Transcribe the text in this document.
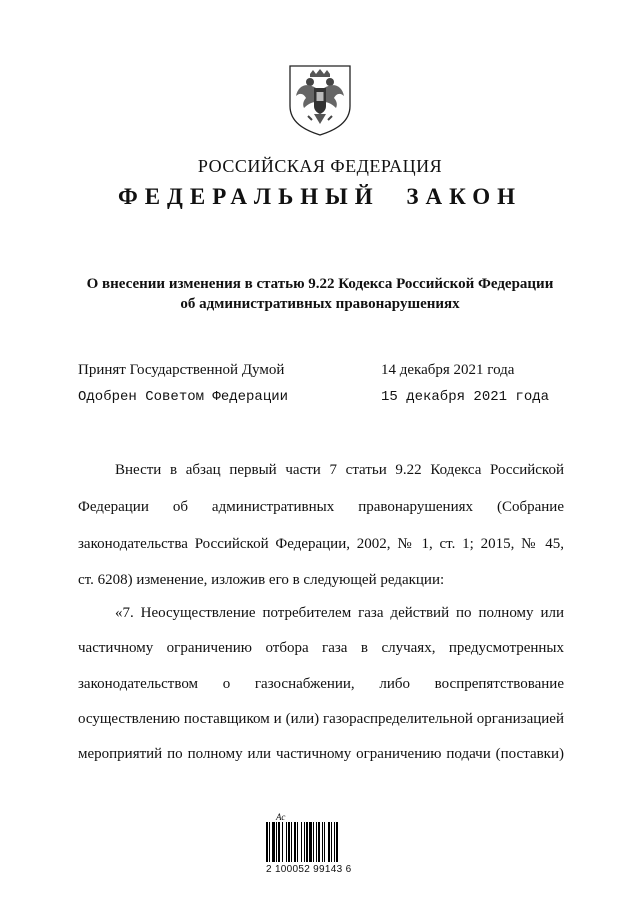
РОССИЙСКАЯ ФЕДЕРАЦИЯ
ФЕДЕРАЛЬНЫЙ ЗАКОН
О внесении изменения в статью 9.22 Кодекса Российской Федерации
об административных правонарушениях
Принят Государственной Думой	14 декабря 2021 года
Одобрен Советом Федерации	15 декабря 2021 года
Внести в абзац первый части 7 статьи 9.22 Кодекса Российской
Федерации об административных правонарушениях (Собрание
законодательства Российской Федерации, 2002, № 1, ст. 1; 2015, № 45,
ст. 6208) изменение, изложив его в следующей редакции:
«7. Неосуществление потребителем газа действий по полному или
частичному ограничению отбора газа в случаях, предусмотренных
законодательством о газоснабжении, либо воспрепятствование
осуществлению поставщиком и (или) газораспределительной организацией
мероприятий по полному или частичному ограничению подачи (поставки)
Ас
2 100052 99143 6
